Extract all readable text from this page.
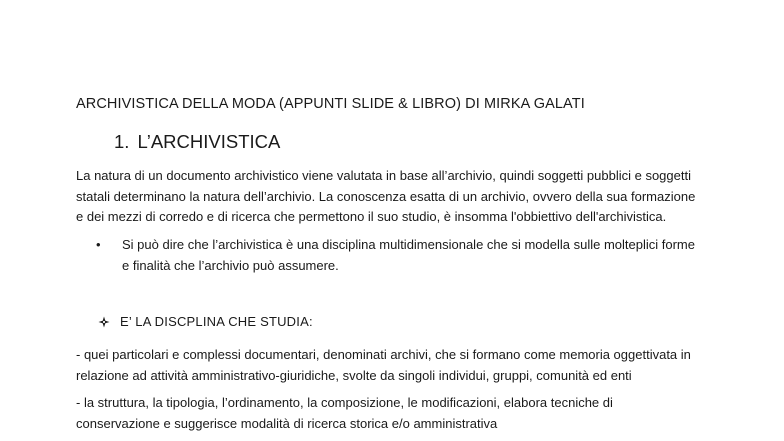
ARCHIVISTICA DELLA MODA (APPUNTI SLIDE & LIBRO) DI MIRKA GALATI
1. L’ARCHIVISTICA
La natura di un documento archivistico viene valutata in base all’archivio, quindi soggetti pubblici e soggetti
statali determinano la natura dell’archivio. La conoscenza esatta di un archivio, ovvero della sua formazione
e dei mezzi di corredo e di ricerca che permettono il suo studio, è insomma l'obbiettivo dell'archivistica.
• Si può dire che l’archivistica è una disciplina multidimensionale che si modella sulle molteplici forme
e finalità che l’archivio può assumere.
E’ LA DISCPLINA CHE STUDIA:
- quei particolari e complessi documentari, denominati archivi, che si formano come memoria oggettivata in
relazione ad attività amministrativo-giuridiche, svolte da singoli individui, gruppi, comunità ed enti
- la struttura, la tipologia, l’ordinamento, la composizione, le modificazioni, elabora tecniche di
conservazione e suggerisce modalità di ricerca storica e/o amministrativa
